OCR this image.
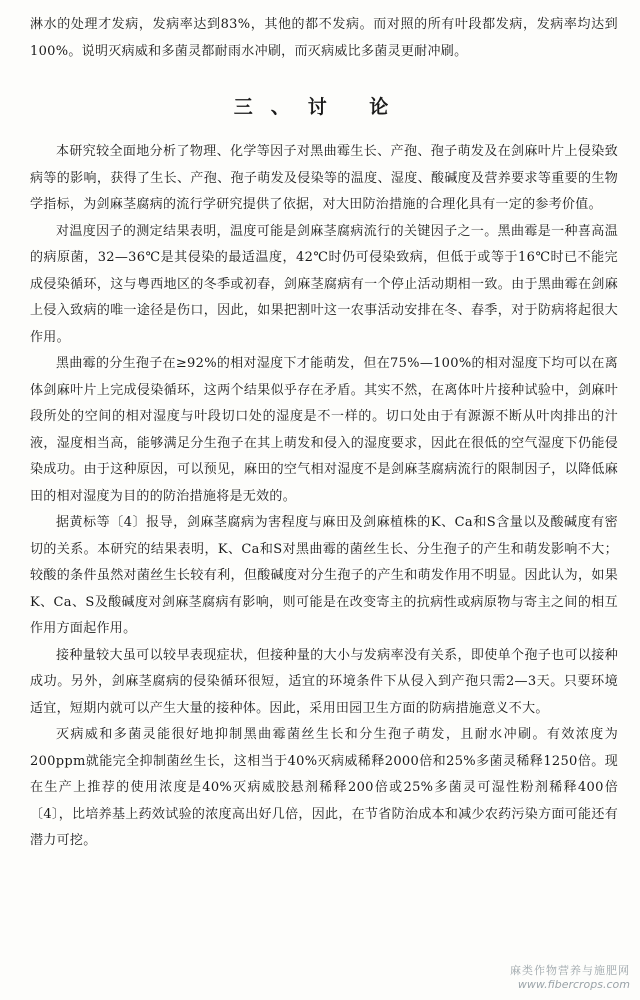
淋水的处理才发病，发病率达到83%，其他的都不发病。而对照的所有叶段都发病，发病率均达到100%。说明灭病威和多菌灵都耐雨水冲刷，而灭病威比多菌灵更耐冲刷。
三、讨 论

本研究较全面地分析了物理、化学等因子对黑曲霉生长、产孢、孢子萌发及在剑麻叶片上侵染致病等的影响，获得了生长、产孢、孢子萌发及侵染等的温度、湿度、酸碱度及营养要求等重要的生物学指标，为剑麻茎腐病的流行学研究提供了依据，对大田防治措施的合理化具有一定的参考价值。

对温度因子的测定结果表明，温度可能是剑麻茎腐病流行的关键因子之一。黑曲霉是一种喜高温的病原菌，32—36℃是其侵染的最适温度，42℃时仍可侵染致病，但低于或等于16℃时已不能完成侵染循环，这与粤西地区的冬季或初春，剑麻茎腐病有一个停止活动期相一致。由于黑曲霉在剑麻上侵入致病的唯一途径是伤口，因此，如果把割叶这一农事活动安排在冬、春季，对于防病将起很大作用。

黑曲霉的分生孢子在≥92%的相对湿度下才能萌发，但在75%—100%的相对湿度下均可以在离体剑麻叶片上完成侵染循环，这两个结果似乎存在矛盾。其实不然，在离体叶片接种试验中，剑麻叶段所处的空间的相对湿度与叶段切口处的湿度是不一样的。切口处由于有源源不断从叶肉排出的汁液，湿度相当高，能够满足分生孢子在其上萌发和侵入的湿度要求，因此在很低的空气湿度下仍能侵染成功。由于这种原因，可以预见，麻田的空气相对湿度不是剑麻茎腐病流行的限制因子，以降低麻田的相对湿度为目的的防治措施将是无效的。

据黄标等〔4〕报导，剑麻茎腐病为害程度与麻田及剑麻植株的K、Ca和S含量以及酸碱度有密切的关系。本研究的结果表明，K、Ca和S对黑曲霉的菌丝生长、分生孢子的产生和萌发影响不大；较酸的条件虽然对菌丝生长较有利，但酸碱度对分生孢子的产生和萌发作用不明显。因此认为，如果K、Ca、S及酸碱度对剑麻茎腐病有影响，则可能是在改变寄主的抗病性或病原物与寄主之间的相互作用方面起作用。

接种量较大虽可以较早表现症状，但接种量的大小与发病率没有关系，即使单个孢子也可以接种成功。另外，剑麻茎腐病的侵染循环很短，适宜的环境条件下从侵入到产孢只需2—3天。只要环境适宜，短期内就可以产生大量的接种体。因此，采用田园卫生方面的防病措施意义不大。

灭病威和多菌灵能很好地抑制黑曲霉菌丝生长和分生孢子萌发，且耐水冲刷。有效浓度为200ppm就能完全抑制菌丝生长，这相当于40%灭病威稀释2000倍和25%多菌灵稀释1250倍。现在生产上推荐的使用浓度是40%灭病威胶悬剂稀释200倍或25%多菌灵可湿性粉剂稀释400倍〔4〕，比培养基上药效试验的浓度高出好几倍，因此，在节省防治成本和减少农药污染方面可能还有潜力可挖。

麻类作物营养与施肥网
www.fibercrops.com
